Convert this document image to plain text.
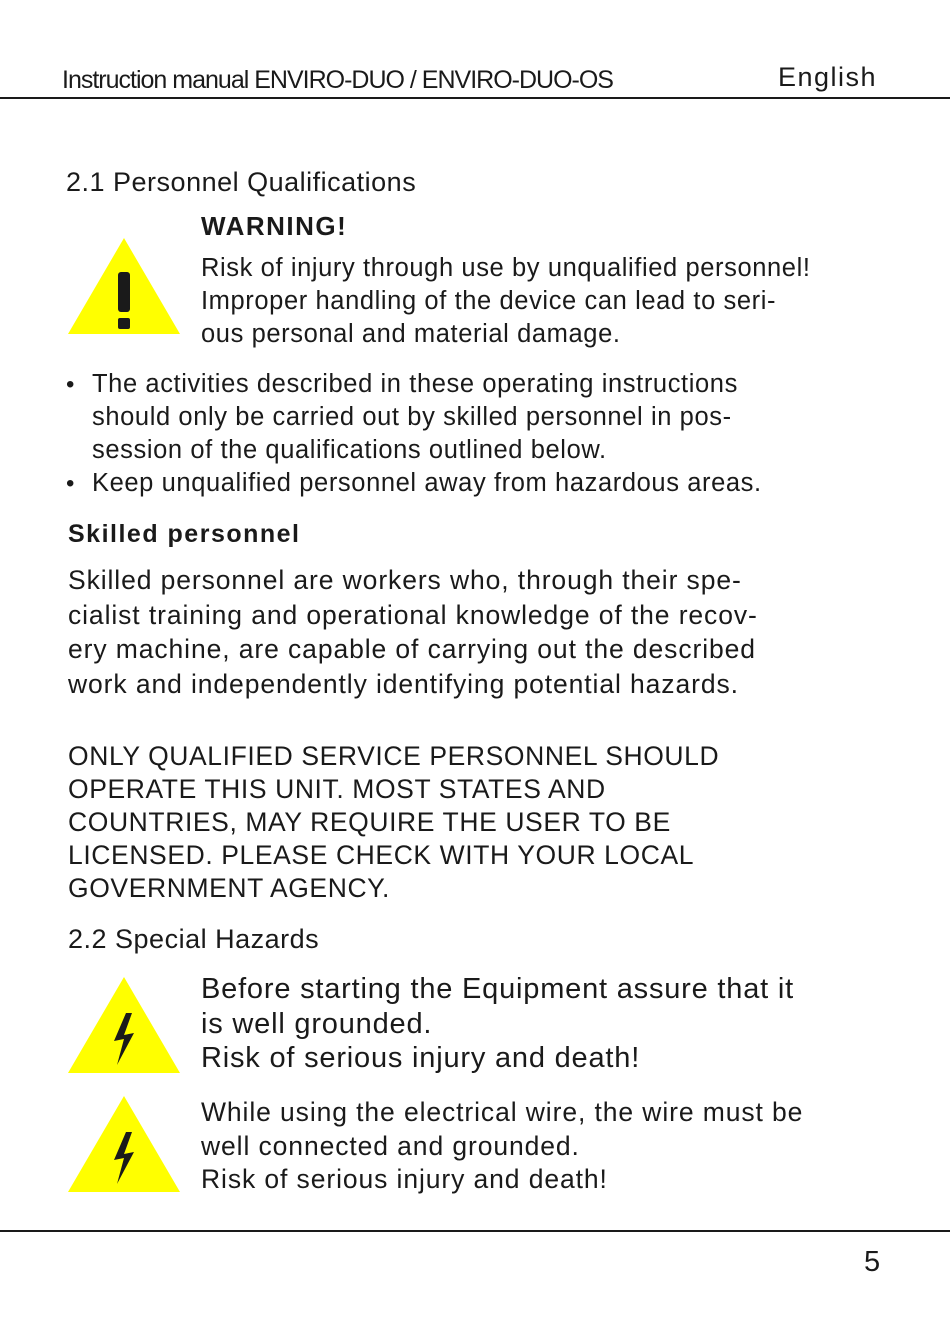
Instruction manual ENVIRO-DUO / ENVIRO-DUO-OS	English
2.1 Personnel Qualifications
WARNING!
Risk of injury through use by unqualified personnel!
Improper handling of the device can lead to seri-
ous personal and material damage.
• The activities described in these operating instructions
should only be carried out by skilled personnel in pos-
session of the qualifications outlined below.
• Keep unqualified personnel away from hazardous areas.
Skilled personnel
Skilled personnel are workers who, through their spe-
cialist training and operational knowledge of the recov-
ery machine, are capable of carrying out the described
work and independently identifying potential hazards.
ONLY QUALIFIED SERVICE PERSONNEL SHOULD
OPERATE THIS UNIT. MOST STATES AND
COUNTRIES, MAY REQUIRE THE USER TO BE
LICENSED. PLEASE CHECK WITH YOUR LOCAL
GOVERNMENT AGENCY.
2.2 Special Hazards
Before starting the Equipment assure that it
is well grounded.
Risk of serious injury and death!
While using the electrical wire, the wire must be
well connected and grounded.
Risk of serious injury and death!
5
